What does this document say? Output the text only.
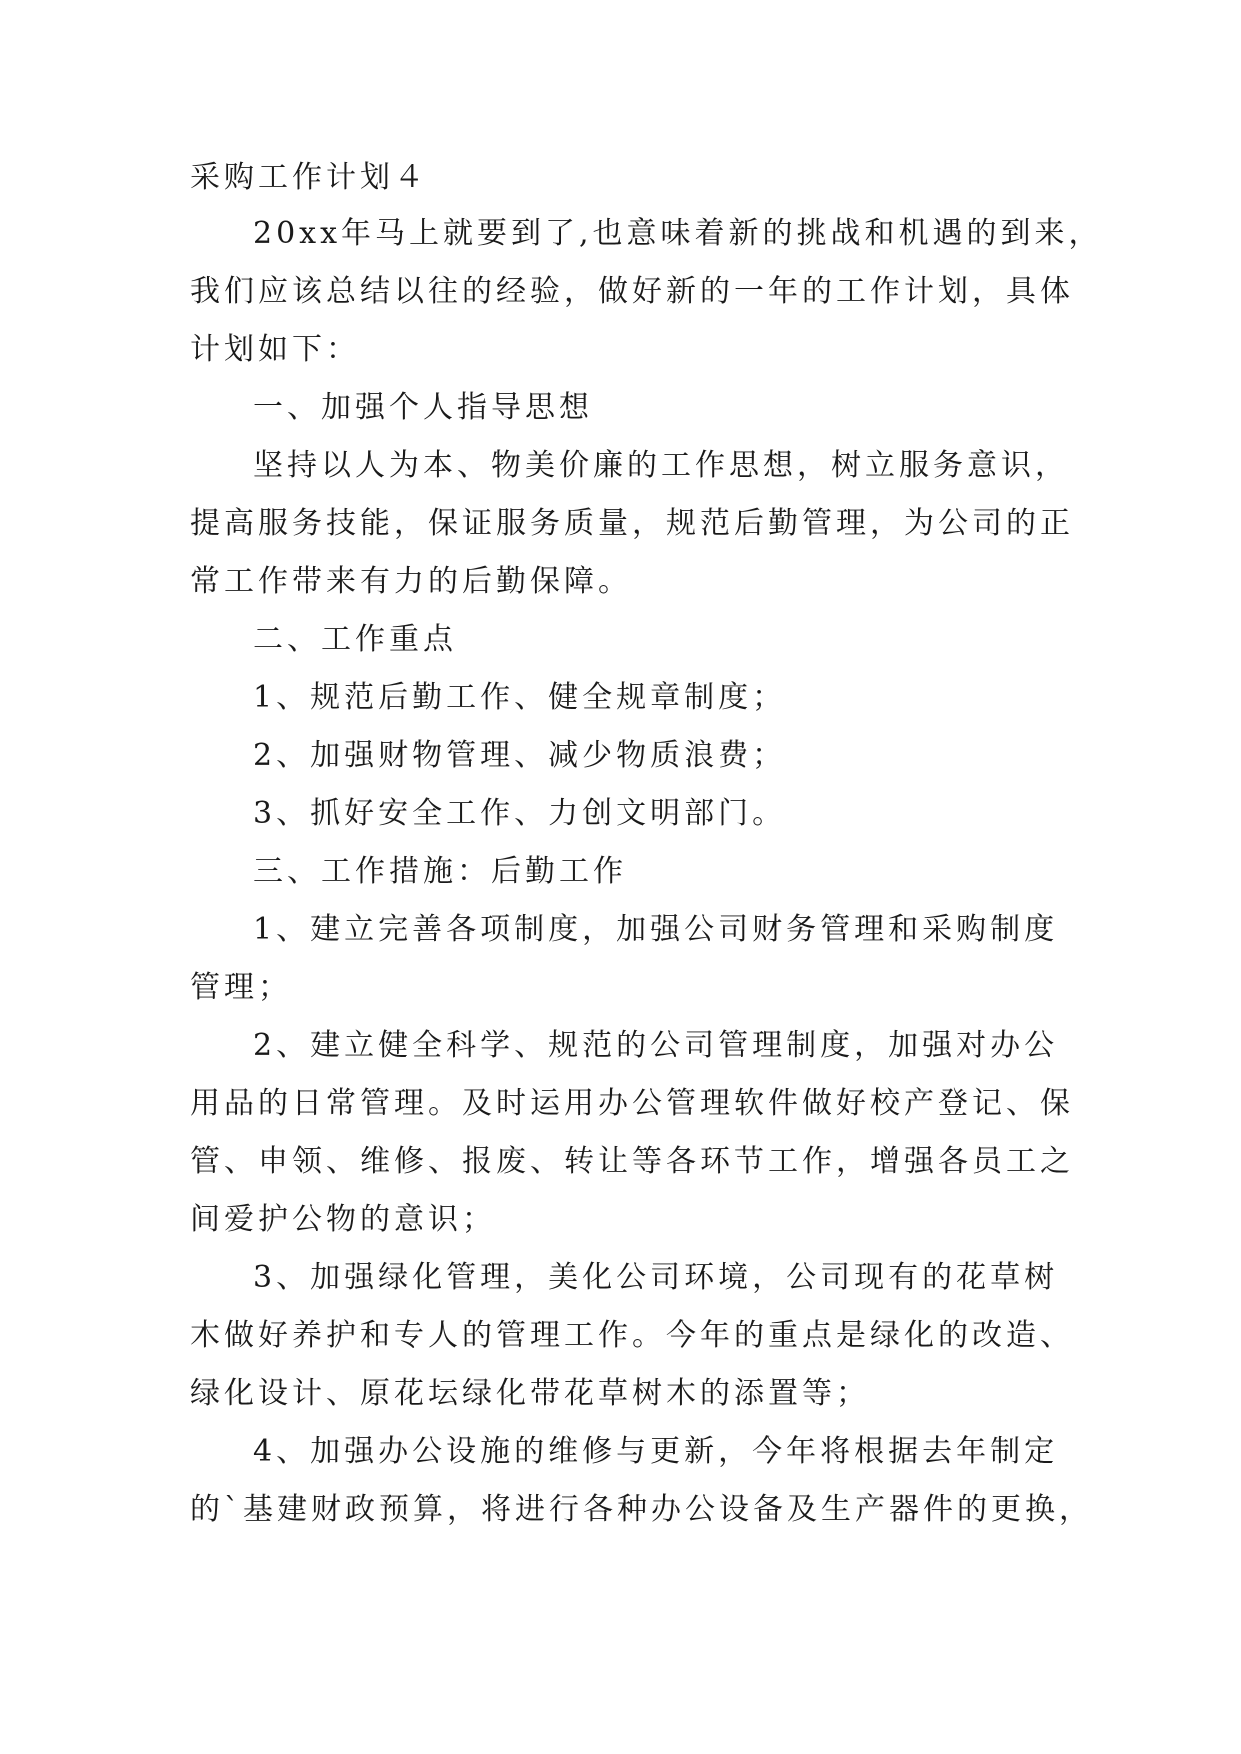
采购工作计划４
20xx年马上就要到了,也意味着新的挑战和机遇的到来，
我们应该总结以往的经验，做好新的一年的工作计划，具体
计划如下：
一、加强个人指导思想
坚持以人为本、物美价廉的工作思想，树立服务意识，
提高服务技能，保证服务质量，规范后勤管理，为公司的正
常工作带来有力的后勤保障。
二、工作重点
1、规范后勤工作、健全规章制度；
2、加强财物管理、减少物质浪费；
3、抓好安全工作、力创文明部门。
三、工作措施：后勤工作
1、建立完善各项制度，加强公司财务管理和采购制度
管理；
2、建立健全科学、规范的公司管理制度，加强对办公
用品的日常管理。及时运用办公管理软件做好校产登记、保
管、申领、维修、报废、转让等各环节工作，增强各员工之
间爱护公物的意识；
3、加强绿化管理，美化公司环境，公司现有的花草树
木做好养护和专人的管理工作。今年的重点是绿化的改造、
绿化设计、原花坛绿化带花草树木的添置等；
4、加强办公设施的维修与更新，今年将根据去年制定
的`基建财政预算，将进行各种办公设备及生产器件的更换，
